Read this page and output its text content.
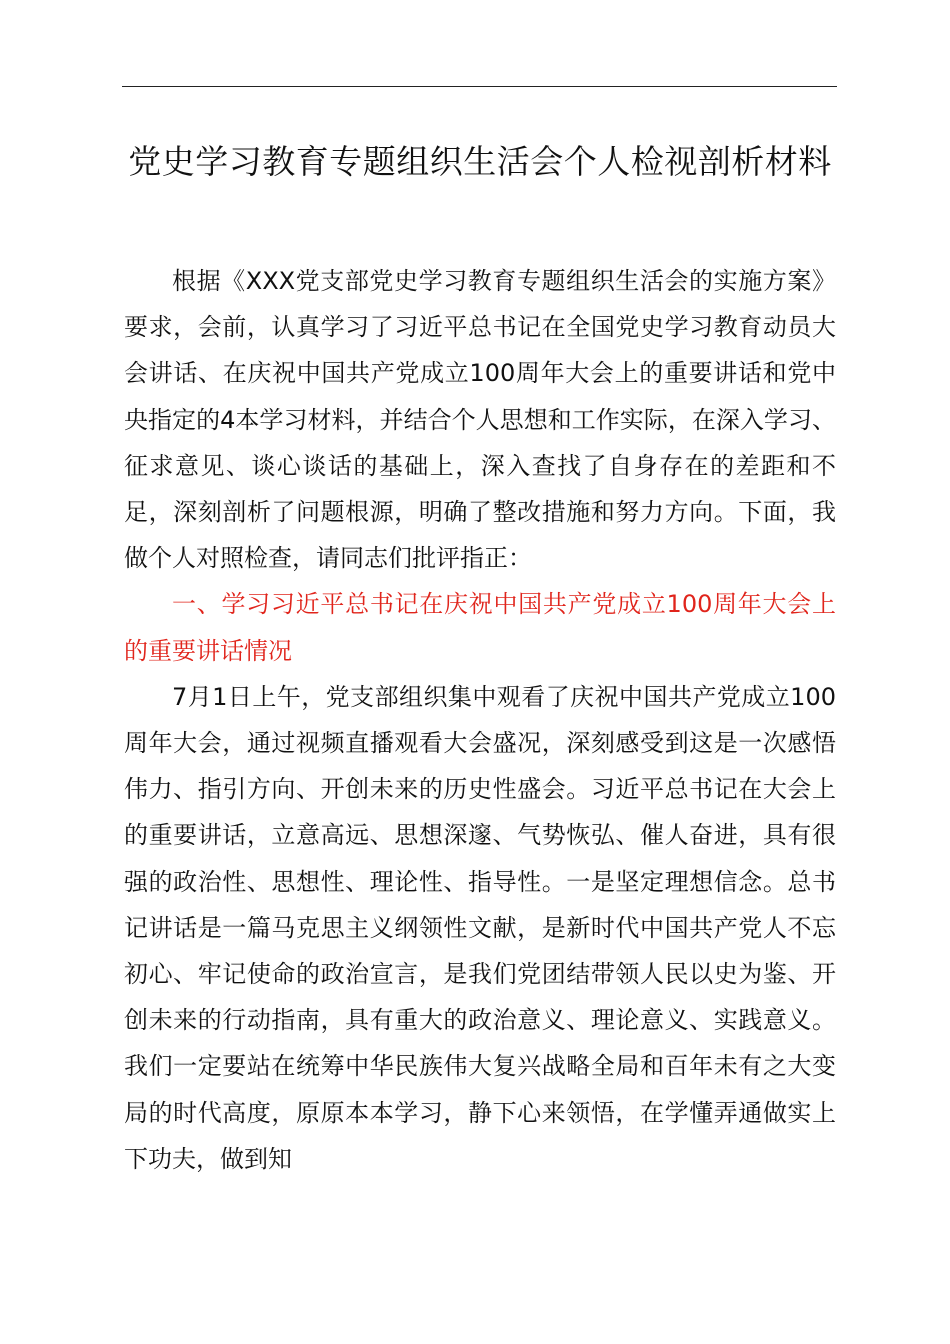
党史学习教育专题组织生活会个人检视剖析材料

根据《XXX党支部党史学习教育专题组织生活会的实施方案》要求，会前，认真学习了习近平总书记在全国党史学习教育动员大会讲话、在庆祝中国共产党成立100周年大会上的重要讲话和党中央指定的4本学习材料，并结合个人思想和工作实际，在深入学习、征求意见、谈心谈话的基础上，深入查找了自身存在的差距和不足，深刻剖析了问题根源，明确了整改措施和努力方向。下面，我做个人对照检查，请同志们批评指正：

一、学习习近平总书记在庆祝中国共产党成立100周年大会上的重要讲话情况

7月1日上午，党支部组织集中观看了庆祝中国共产党成立100周年大会，通过视频直播观看大会盛况，深刻感受到这是一次感悟伟力、指引方向、开创未来的历史性盛会。习近平总书记在大会上的重要讲话，立意高远、思想深邃、气势恢弘、催人奋进，具有很强的政治性、思想性、理论性、指导性。一是坚定理想信念。总书记讲话是一篇马克思主义纲领性文献，是新时代中国共产党人不忘初心、牢记使命的政治宣言，是我们党团结带领人民以史为鉴、开创未来的行动指南，具有重大的政治意义、理论意义、实践意义。我们一定要站在统筹中华民族伟大复兴战略全局和百年未有之大变局的时代高度，原原本本学习，静下心来领悟，在学懂弄通做实上下功夫，做到知
